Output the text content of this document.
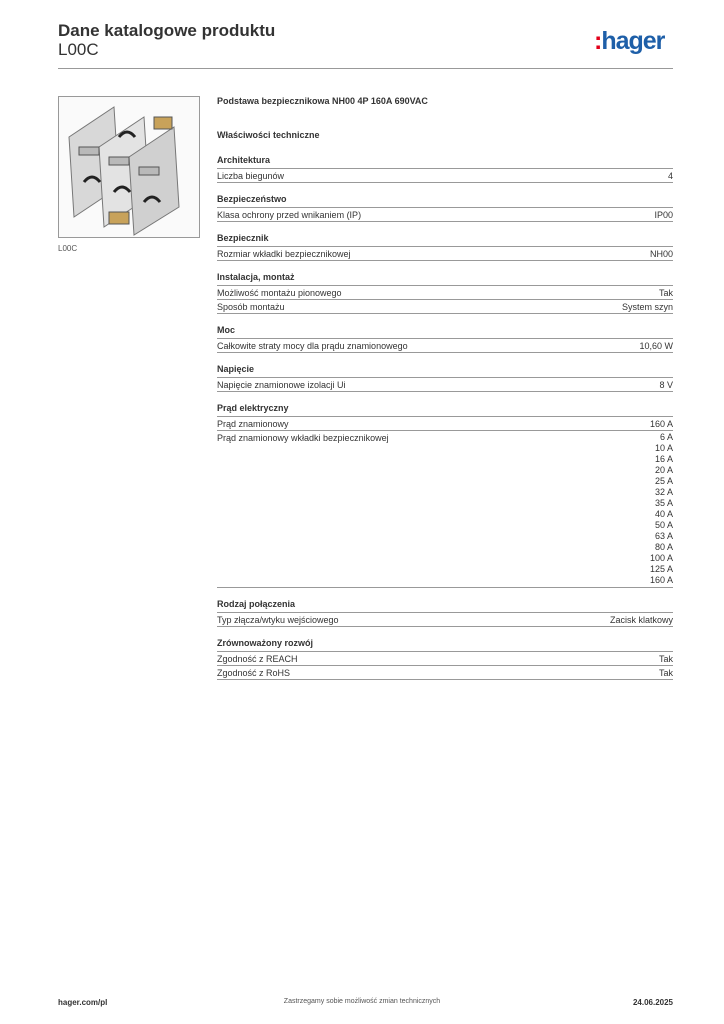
Dane katalogowe produktu
L00C	:hager
L00C
Podstawa bezpiecznikowa NH00 4P 160A 690VAC
Właściwości techniczne
Architektura
Liczba biegunów	4
Bezpieczeństwo
Klasa ochrony przed wnikaniem (IP)	IP00
Bezpiecznik
Rozmiar wkładki bezpiecznikowej	NH00
Instalacja, montaż
Możliwość montażu pionowego	Tak
Sposób montażu	System szyn
Moc
Całkowite straty mocy dla prądu znamionowego	10,60 W
Napięcie
Napięcie znamionowe izolacji Ui	8 V
Prąd elektryczny
Prąd znamionowy	160 A
Prąd znamionowy wkładki bezpiecznikowej	6 A
10 A
16 A
20 A
25 A
32 A
35 A
40 A
50 A
63 A
80 A
100 A
125 A
160 A
Rodzaj połączenia
Typ złącza/wtyku wejściowego	Zacisk klatkowy
Zrównoważony rozwój
Zgodność z REACH	Tak
Zgodność z RoHS	Tak
hager.com/pl	Zastrzegamy sobie możliwość zmian technicznych	24.06.2025
